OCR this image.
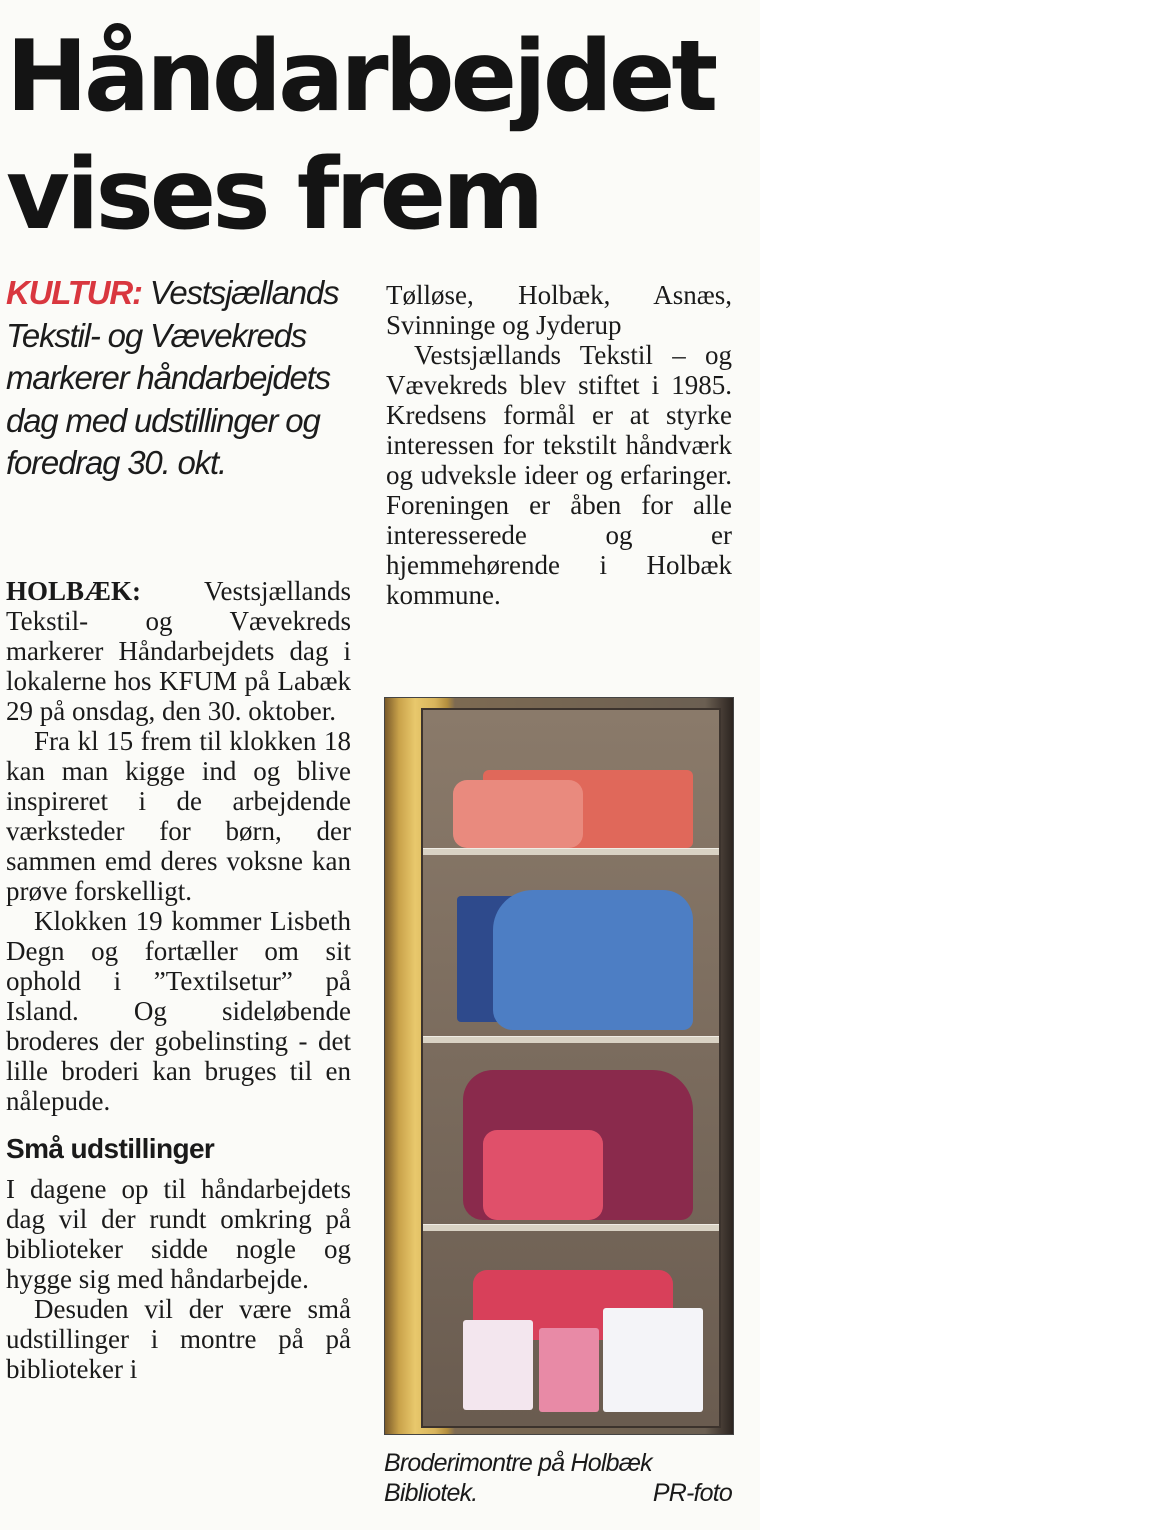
Håndarbejdet
vises frem
KULTUR: Vestsjællands Tekstil- og Vævekreds markerer håndarbejdets dag med udstillinger og foredrag 30. okt.

HOLBÆK: Vestsjællands Tekstil- og Vævekreds markerer Håndarbejdets dag i lokalerne hos KFUM på Labæk 29 på onsdag, den 30. oktober.

Fra kl 15 frem til klokken 18 kan man kigge ind og blive inspireret i de arbejdende værksteder for børn, der sammen emd deres voksne kan prøve forskelligt.

Klokken 19 kommer Lisbeth Degn og fortæller om sit ophold i ”Textilsetur” på Island. Og sideløbende broderes der gobelinsting - det lille broderi kan bruges til en nålepude.

Små udstillinger

I dagene op til håndarbejdets dag vil der rundt omkring på biblioteker sidde nogle og hygge sig med håndarbejde.

Desuden vil der være små udstillinger i montre på på biblioteker i

Tølløse, Holbæk, Asnæs, Svinninge og Jyderup

Vestsjællands Tekstil – og Vævekreds blev stiftet i 1985. Kredsens formål er at styrke interessen for tekstilt håndværk og udveksle ideer og erfaringer. Foreningen er åben for alle interesserede og er hjemmehørende i Holbæk kommune.

Broderimontre på Holbæk Bibliotek.	PR-foto
